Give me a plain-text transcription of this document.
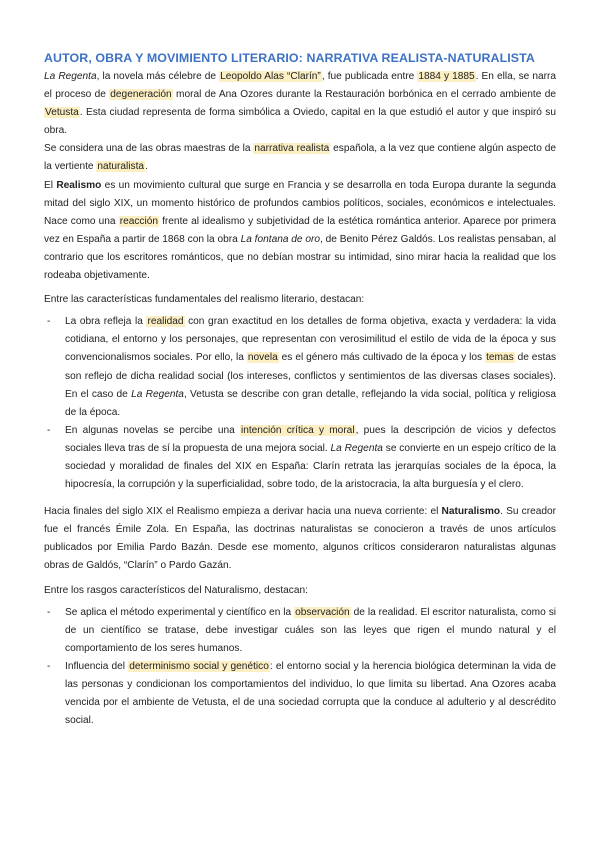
AUTOR, OBRA Y MOVIMIENTO LITERARIO: NARRATIVA REALISTA-NATURALISTA

La Regenta, la novela más célebre de Leopoldo Alas “Clarín”, fue publicada entre 1884 y 1885. En ella, se narra el proceso de degeneración moral de Ana Ozores durante la Restauración borbónica en el cerrado ambiente de Vetusta. Esta ciudad representa de forma simbólica a Oviedo, capital en la que estudió el autor y que inspiró su obra.

Se considera una de las obras maestras de la narrativa realista española, a la vez que contiene algún aspecto de la vertiente naturalista.

El Realismo es un movimiento cultural que surge en Francia y se desarrolla en toda Europa durante la segunda mitad del siglo XIX, un momento histórico de profundos cambios políticos, sociales, económicos e intelectuales. Nace como una reacción frente al idealismo y subjetividad de la estética romántica anterior. Aparece por primera vez en España a partir de 1868 con la obra La fontana de oro, de Benito Pérez Galdós. Los realistas pensaban, al contrario que los escritores románticos, que no debían mostrar su intimidad, sino mirar hacia la realidad que los rodeaba objetivamente.

Entre las características fundamentales del realismo literario, destacan:

- La obra refleja la realidad con gran exactitud en los detalles de forma objetiva, exacta y verdadera: la vida cotidiana, el entorno y los personajes, que representan con verosimilitud el estilo de vida de la época y sus convencionalismos sociales. Por ello, la novela es el género más cultivado de la época y los temas de estas son reflejo de dicha realidad social (los intereses, conflictos y sentimientos de las diversas clases sociales). En el caso de La Regenta, Vetusta se describe con gran detalle, reflejando la vida social, política y religiosa de la época.
- En algunas novelas se percibe una intención crítica y moral, pues la descripción de vicios y defectos sociales lleva tras de sí la propuesta de una mejora social. La Regenta se convierte en un espejo crítico de la sociedad y moralidad de finales del XIX en España: Clarín retrata las jerarquías sociales de la época, la hipocresía, la corrupción y la superficialidad, sobre todo, de la aristocracia, la alta burguesía y el clero.

Hacia finales del siglo XIX el Realismo empieza a derivar hacia una nueva corriente: el Naturalismo. Su creador fue el francés Émile Zola. En España, las doctrinas naturalistas se conocieron a través de unos artículos publicados por Emilia Pardo Bazán. Desde ese momento, algunos críticos consideraron naturalistas algunas obras de Galdós, “Clarín” o Pardo Gazán.

Entre los rasgos característicos del Naturalismo, destacan:

- Se aplica el método experimental y científico en la observación de la realidad. El escritor naturalista, como si de un científico se tratase, debe investigar cuáles son las leyes que rigen el mundo natural y el comportamiento de los seres humanos.
- Influencia del determinismo social y genético: el entorno social y la herencia biológica determinan la vida de las personas y condicionan los comportamientos del individuo, lo que limita su libertad. Ana Ozores acaba vencida por el ambiente de Vetusta, el de una sociedad corrupta que la conduce al adulterio y al descrédito social.
